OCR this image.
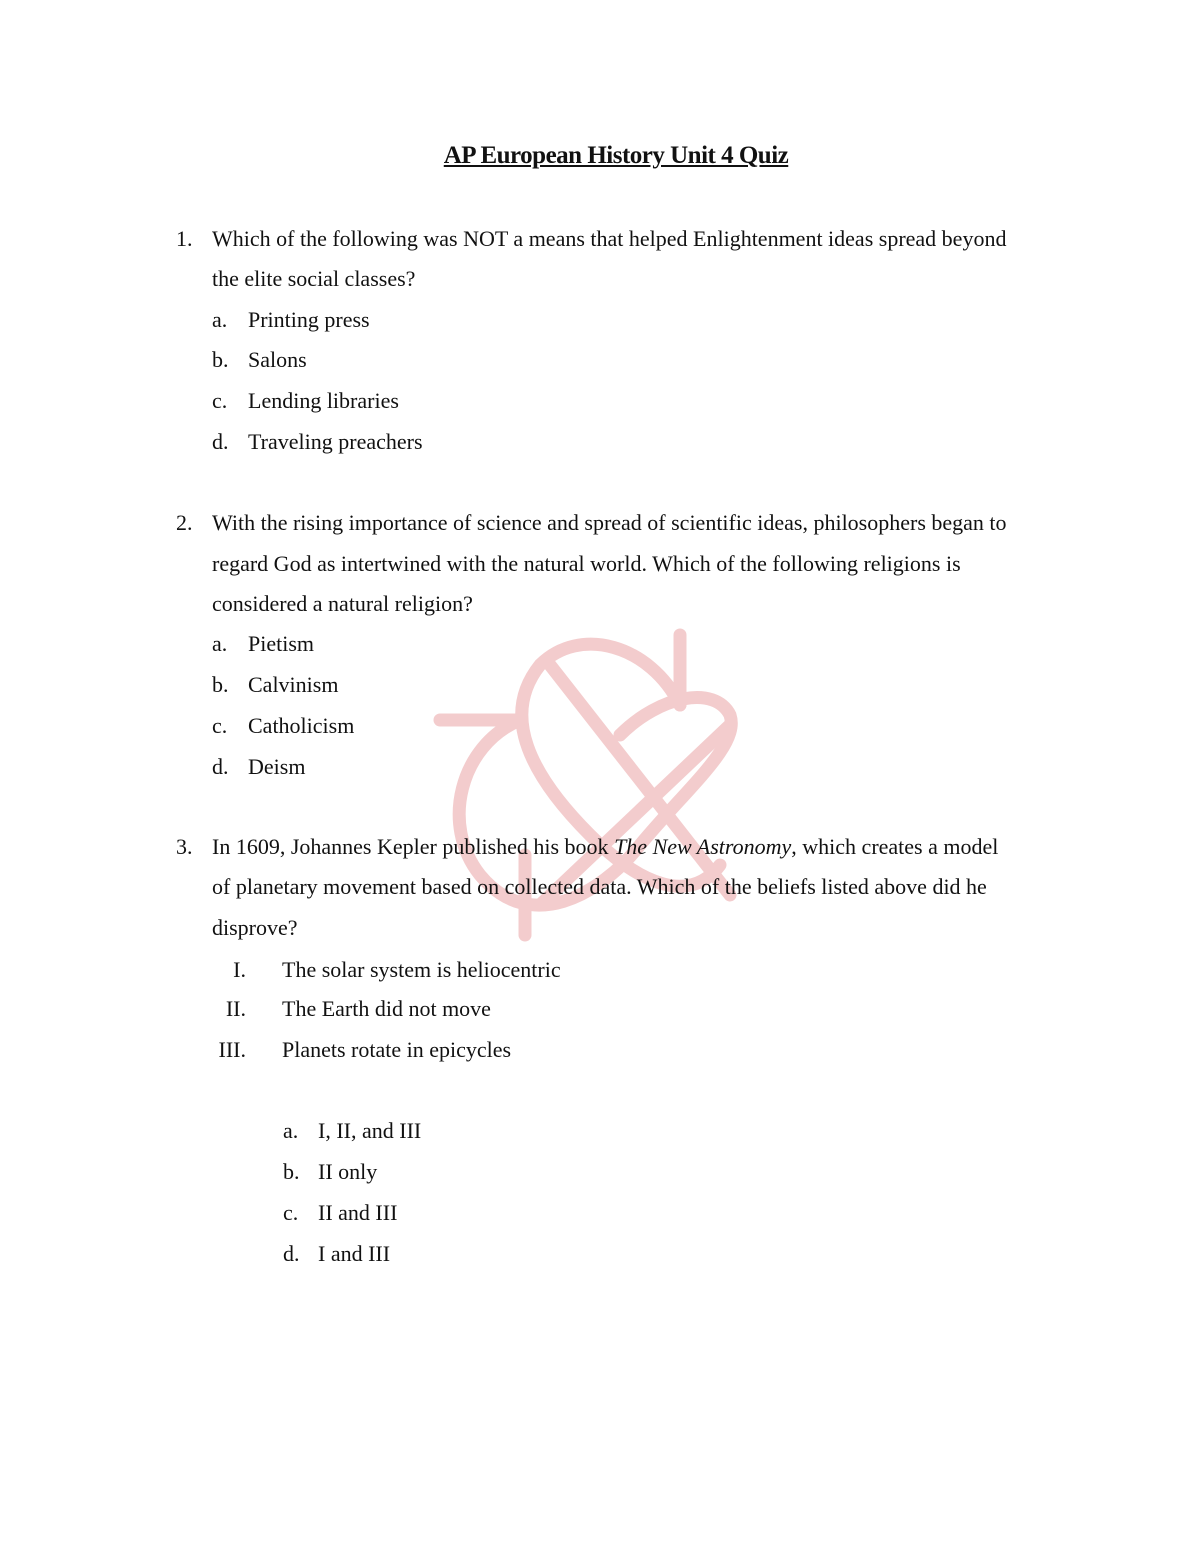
AP European History Unit 4 Quiz
1. Which of the following was NOT a means that helped Enlightenment ideas spread beyond
the elite social classes?
a. Printing press
b. Salons
c. Lending libraries
d. Traveling preachers
2. With the rising importance of science and spread of scientific ideas, philosophers began to
regard God as intertwined with the natural world. Which of the following religions is
considered a natural religion?
a. Pietism
b. Calvinism
c. Catholicism
d. Deism
3. In 1609, Johannes Kepler published his book The New Astronomy, which creates a model
of planetary movement based on collected data. Which of the beliefs listed above did he
disprove?
I. The solar system is heliocentric
II. The Earth did not move
III. Planets rotate in epicycles
a. I, II, and III
b. II only
c. II and III
d. I and III
